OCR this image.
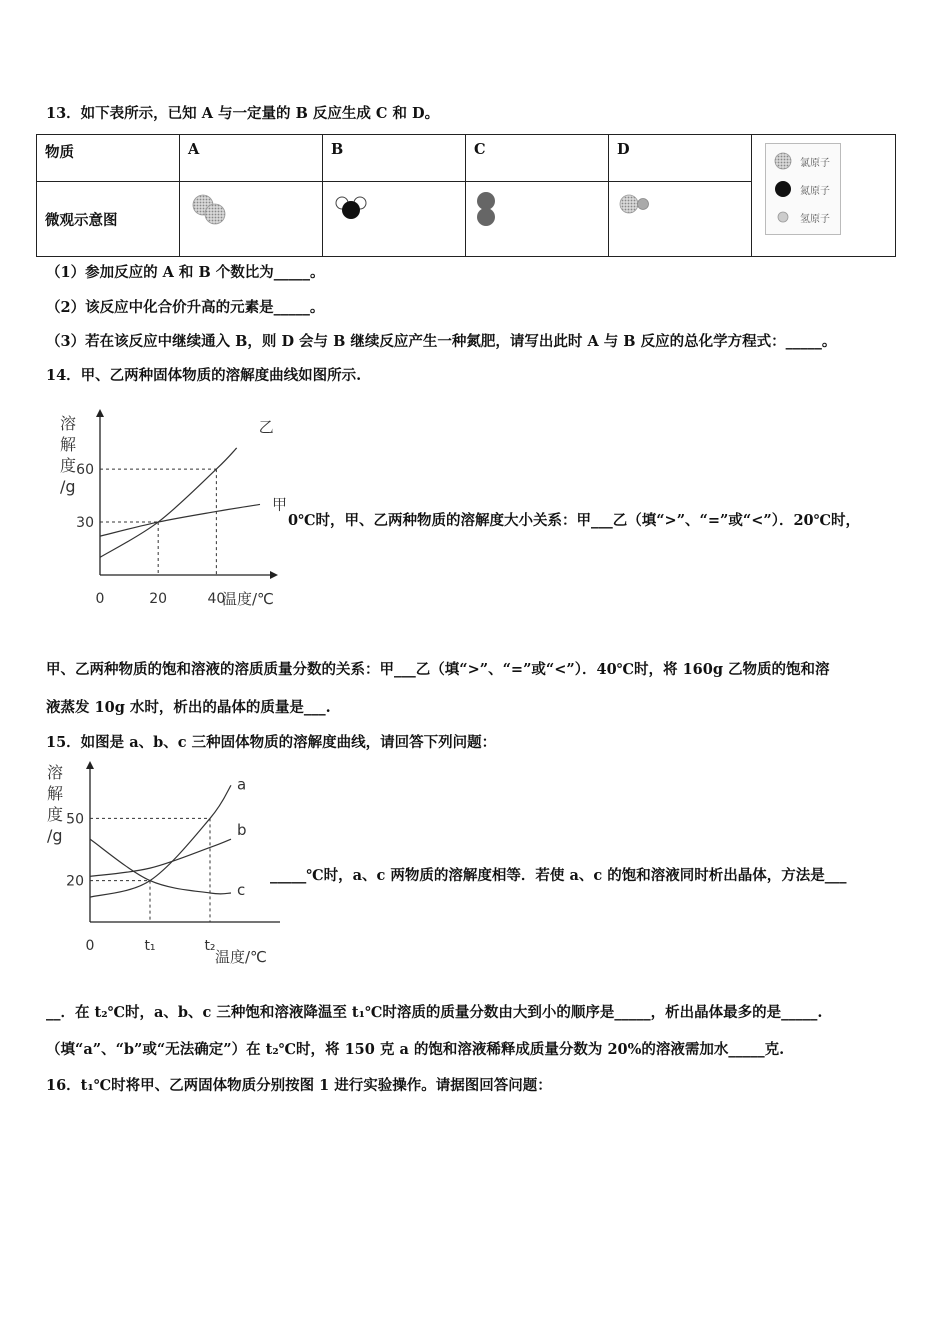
13．如下表所示，已知 A 与一定量的 B 反应生成 C 和 D。
物质	A	B	C	D	
微观示意图					
氯原子
氮原子
氢原子
（1）参加反应的 A 和 B 个数比为_____。
（2）该反应中化合价升高的元素是_____。
（3）若在该反应中继续通入 B，则 D 会与 B 继续反应产生一种氮肥，请写出此时 A 与 B 反应的总化学方程式：_____。
14．甲、乙两种固体物质的溶解度曲线如图所示.
溶
解
度
/g
温度/℃
0	20	40
30
60
甲
乙
0℃时，甲、乙两种物质的溶解度大小关系：甲___乙（填“>”、“=”或“<”）．20℃时，
甲、乙两种物质的饱和溶液的溶质质量分数的关系：甲___乙（填“>”、“=”或“<”）．40℃时，将 160g 乙物质的饱和溶
液蒸发 10g 水时，析出的晶体的质量是___.
15．如图是 a、b、c 三种固体物质的溶解度曲线，请回答下列问题：
溶
解
度
/g
温度/℃
0	t₁	t₂
20
50
a
b
c
_____℃时，a、c 两物质的溶解度相等．若使 a、c 的饱和溶液同时析出晶体，方法是___
__．在 t₂℃时，a、b、c 三种饱和溶液降温至 t₁℃时溶质的质量分数由大到小的顺序是_____，析出晶体最多的是_____.
（填“a”、“b”或“无法确定”）在 t₂℃时，将 150 克 a 的饱和溶液稀释成质量分数为 20%的溶液需加水_____克.
16．t₁℃时将甲、乙两固体物质分别按图 1 进行实验操作。请据图回答问题：
